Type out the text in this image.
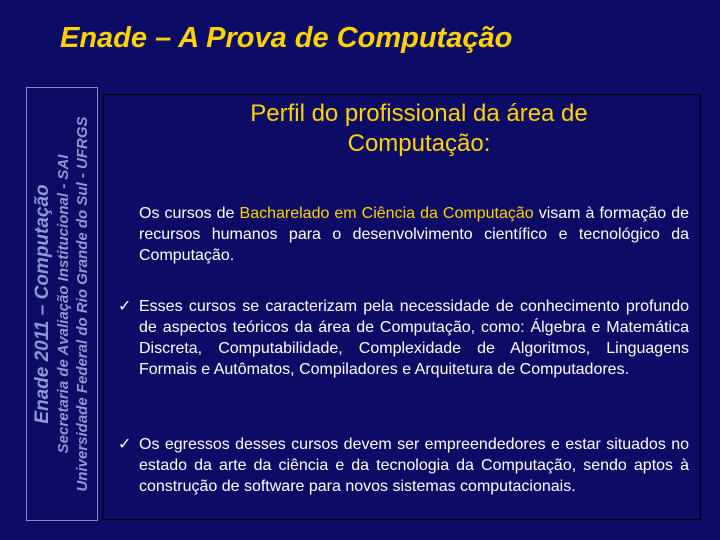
Enade – A Prova de Computação
Enade 2011 – Computação Secretaria de Avaliação Institucional - SAI Universidade Federal do Rio Grande do Sul - UFRGS
Perfil do profissional da área de Computação:
Os cursos de Bacharelado em Ciência da Computação visam à formação de recursos humanos para o desenvolvimento científico e tecnológico da Computação.
✓ Esses cursos se caracterizam pela necessidade de conhecimento profundo de aspectos teóricos da área de Computação, como: Álgebra e Matemática Discreta, Computabilidade, Complexidade de Algoritmos, Linguagens Formais e Autômatos, Compiladores e Arquitetura de Computadores.
✓ Os egressos desses cursos devem ser empreendedores e estar situados no estado da arte da ciência e da tecnologia da Computação, sendo aptos à construção de software para novos sistemas computacionais.
